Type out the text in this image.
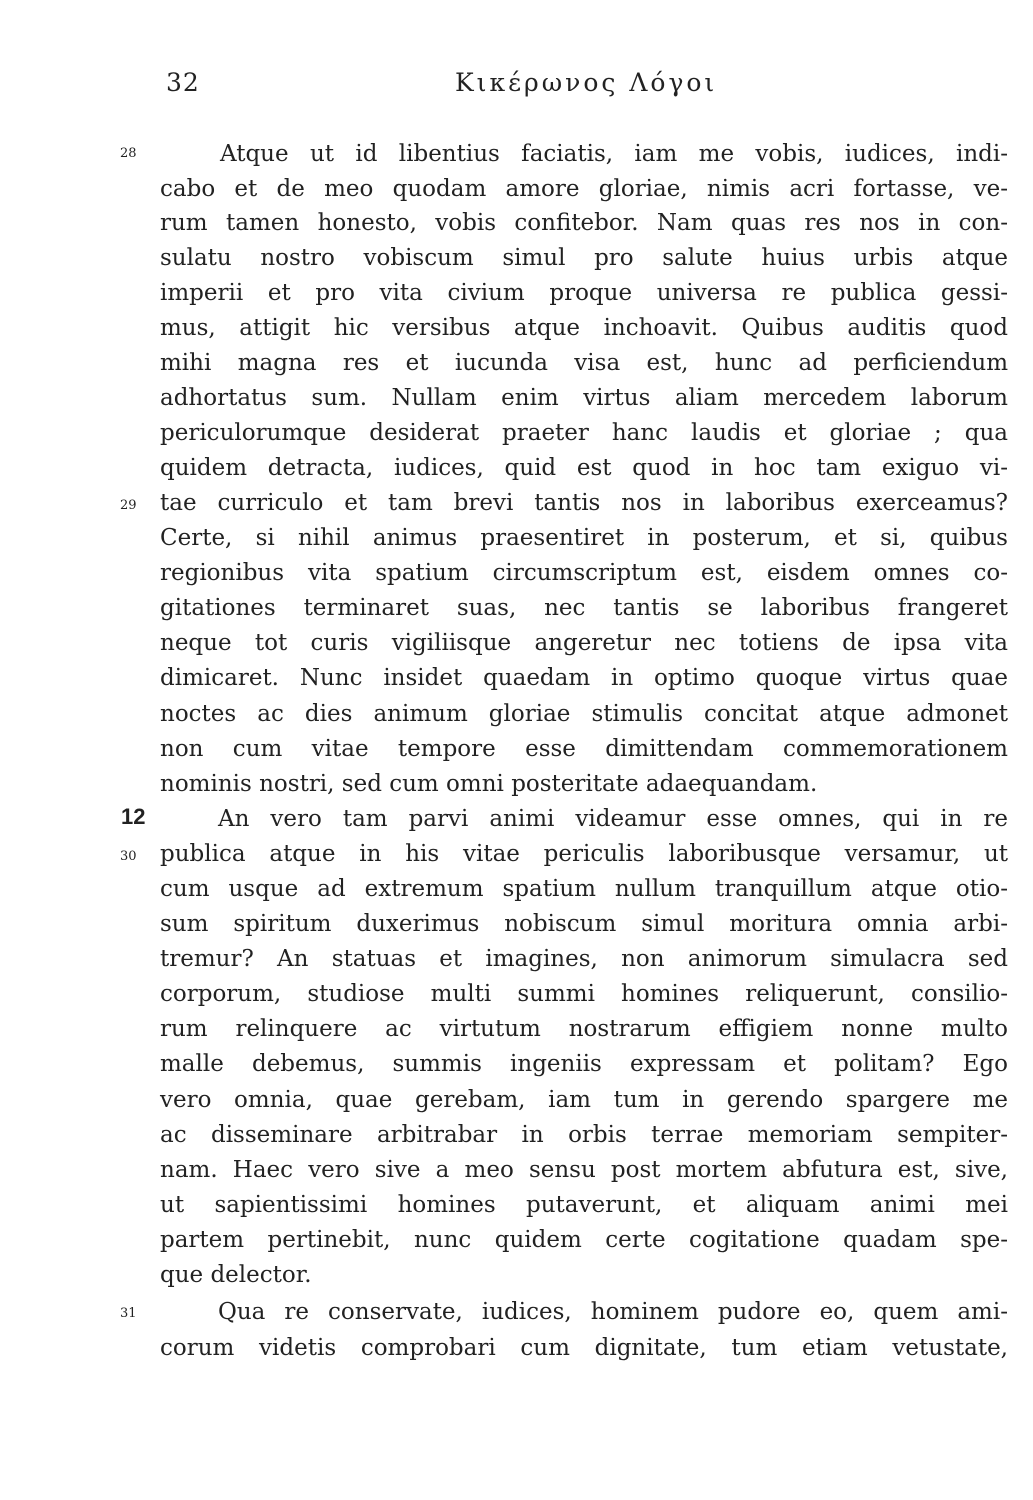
32	Κικέρωνος Λόγοι
28
29
12
30
31
Atque ut id libentius faciatis, iam me vobis, iudices, indi-
cabo et de meo quodam amore gloriae, nimis acri fortasse, ve-
rum tamen honesto, vobis confitebor. Nam quas res nos in con-
sulatu nostro vobiscum simul pro salute huius urbis atque
imperii et pro vita civium proque universa re publica gessi-
mus, attigit hic versibus atque inchoavit. Quibus auditis quod
mihi magna res et iucunda visa est, hunc ad perficiendum
adhortatus sum. Nullam enim virtus aliam mercedem laborum
periculorumque desiderat praeter hanc laudis et gloriae ; qua
quidem detracta, iudices, quid est quod in hoc tam exiguo vi-
tae curriculo et tam brevi tantis nos in laboribus exerceamus?
Certe, si nihil animus praesentiret in posterum, et si, quibus
regionibus vita spatium circumscriptum est, eisdem omnes co-
gitationes terminaret suas, nec tantis se laboribus frangeret
neque tot curis vigiliisque angeretur nec totiens de ipsa vita
dimicaret. Nunc insidet quaedam in optimo quoque virtus quae
noctes ac dies animum gloriae stimulis concitat atque admonet
non cum vitae tempore esse dimittendam commemorationem
nominis nostri, sed cum omni posteritate adaequandam.
An vero tam parvi animi videamur esse omnes, qui in re
publica atque in his vitae periculis laboribusque versamur, ut
cum usque ad extremum spatium nullum tranquillum atque otio-
sum spiritum duxerimus nobiscum simul moritura omnia arbi-
tremur? An statuas et imagines, non animorum simulacra sed
corporum, studiose multi summi homines reliquerunt, consilio-
rum relinquere ac virtutum nostrarum effigiem nonne multo
malle debemus, summis ingeniis expressam et politam? Ego
vero omnia, quae gerebam, iam tum in gerendo spargere me
ac disseminare arbitrabar in orbis terrae memoriam sempiter-
nam. Haec vero sive a meo sensu post mortem abfutura est, sive,
ut sapientissimi homines putaverunt, et aliquam animi mei
partem pertinebit, nunc quidem certe cogitatione quadam spe-
que delector.
Qua re conservate, iudices, hominem pudore eo, quem ami-
corum videtis comprobari cum dignitate, tum etiam vetustate,
